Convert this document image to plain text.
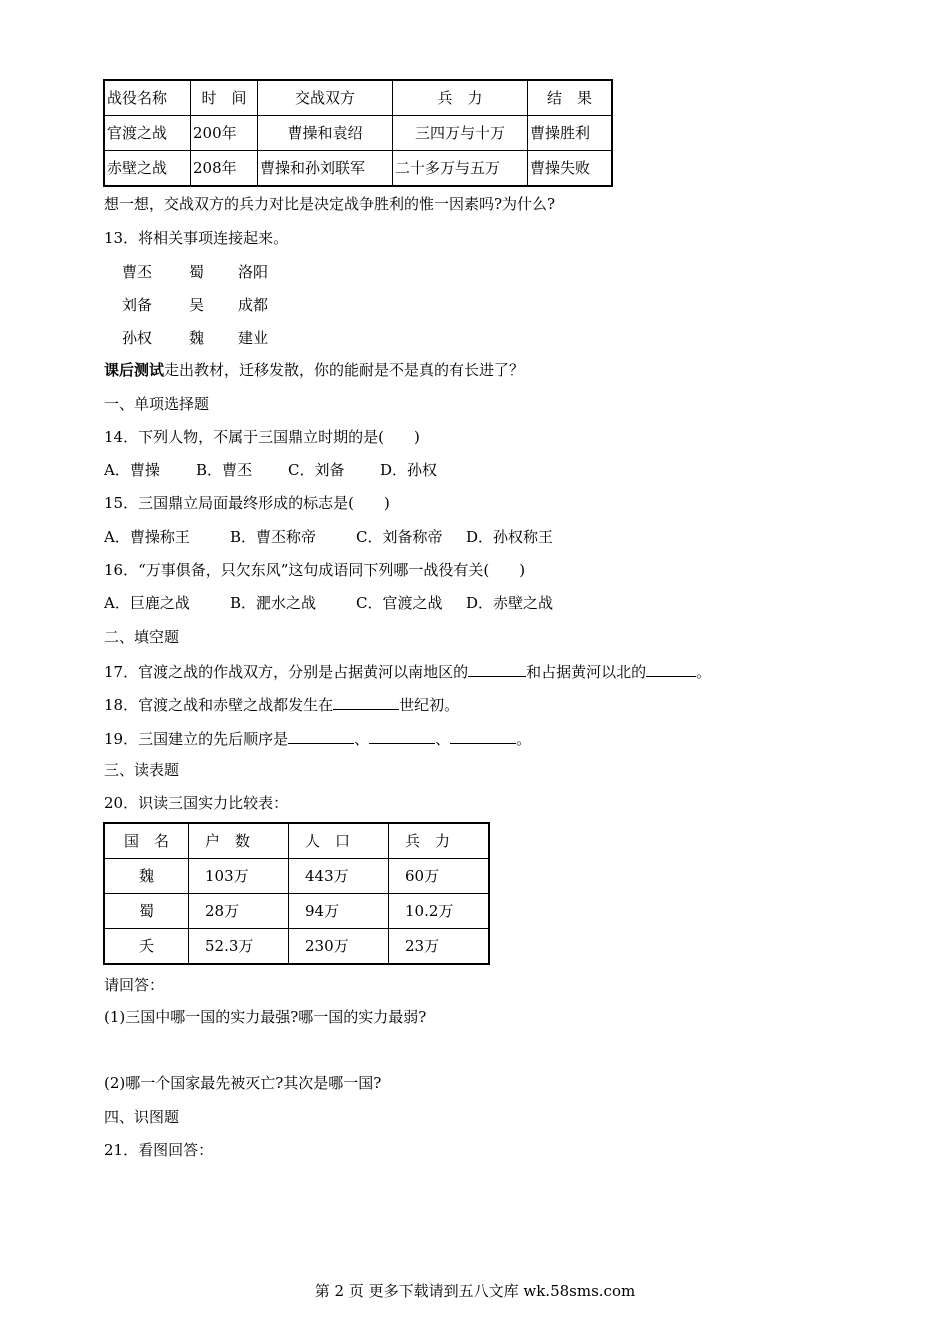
战役名称	时　间	交战双方	兵　力	结　果
官渡之战	200年	曹操和袁绍	三四万与十万	曹操胜利
赤壁之战	208年	曹操和孙刘联军	二十多万与五万	曹操失败
想一想，交战双方的兵力对比是决定战争胜利的惟一因素吗?为什么?
13．将相关事项连接起来。
曹丕 蜀 洛阳
刘备 吴 成都
孙权 魏 建业
课后测试走出教材，迁移发散，你的能耐是不是真的有长进了？
一、单项选择题
14．下列人物，不属于三国鼎立时期的是(　　)
A．曹操 B．曹丕 C．刘备 D．孙权
15．三国鼎立局面最终形成的标志是(　　)
A．曹操称王	B．曹丕称帝	C．刘备称帝 D．孙权称王
16．“万事俱备，只欠东风”这句成语同下列哪一战役有关(　　)
A．巨鹿之战	B．淝水之战	C．官渡之战 D．赤壁之战
二、填空题
17．官渡之战的作战双方，分别是占据黄河以南地区的	和占据黄河以北的	。
18．官渡之战和赤壁之战都发生在	世纪初。
19．三国建立的先后顺序是	、	、	。
三、读表题
20．识读三国实力比较表：
国　名	户　数	人　口	兵　力
魏	103万	443万	60万
蜀	28万	94万	10.2万
夭	52.3万	230万	23万
请回答：
(1)三国中哪一国的实力最强?哪一国的实力最弱?
(2)哪一个国家最先被灭亡?其次是哪一国?
四、识图题
21．看图回答：
第 2 页 更多下载请到五八文库 wk.58sms.com
